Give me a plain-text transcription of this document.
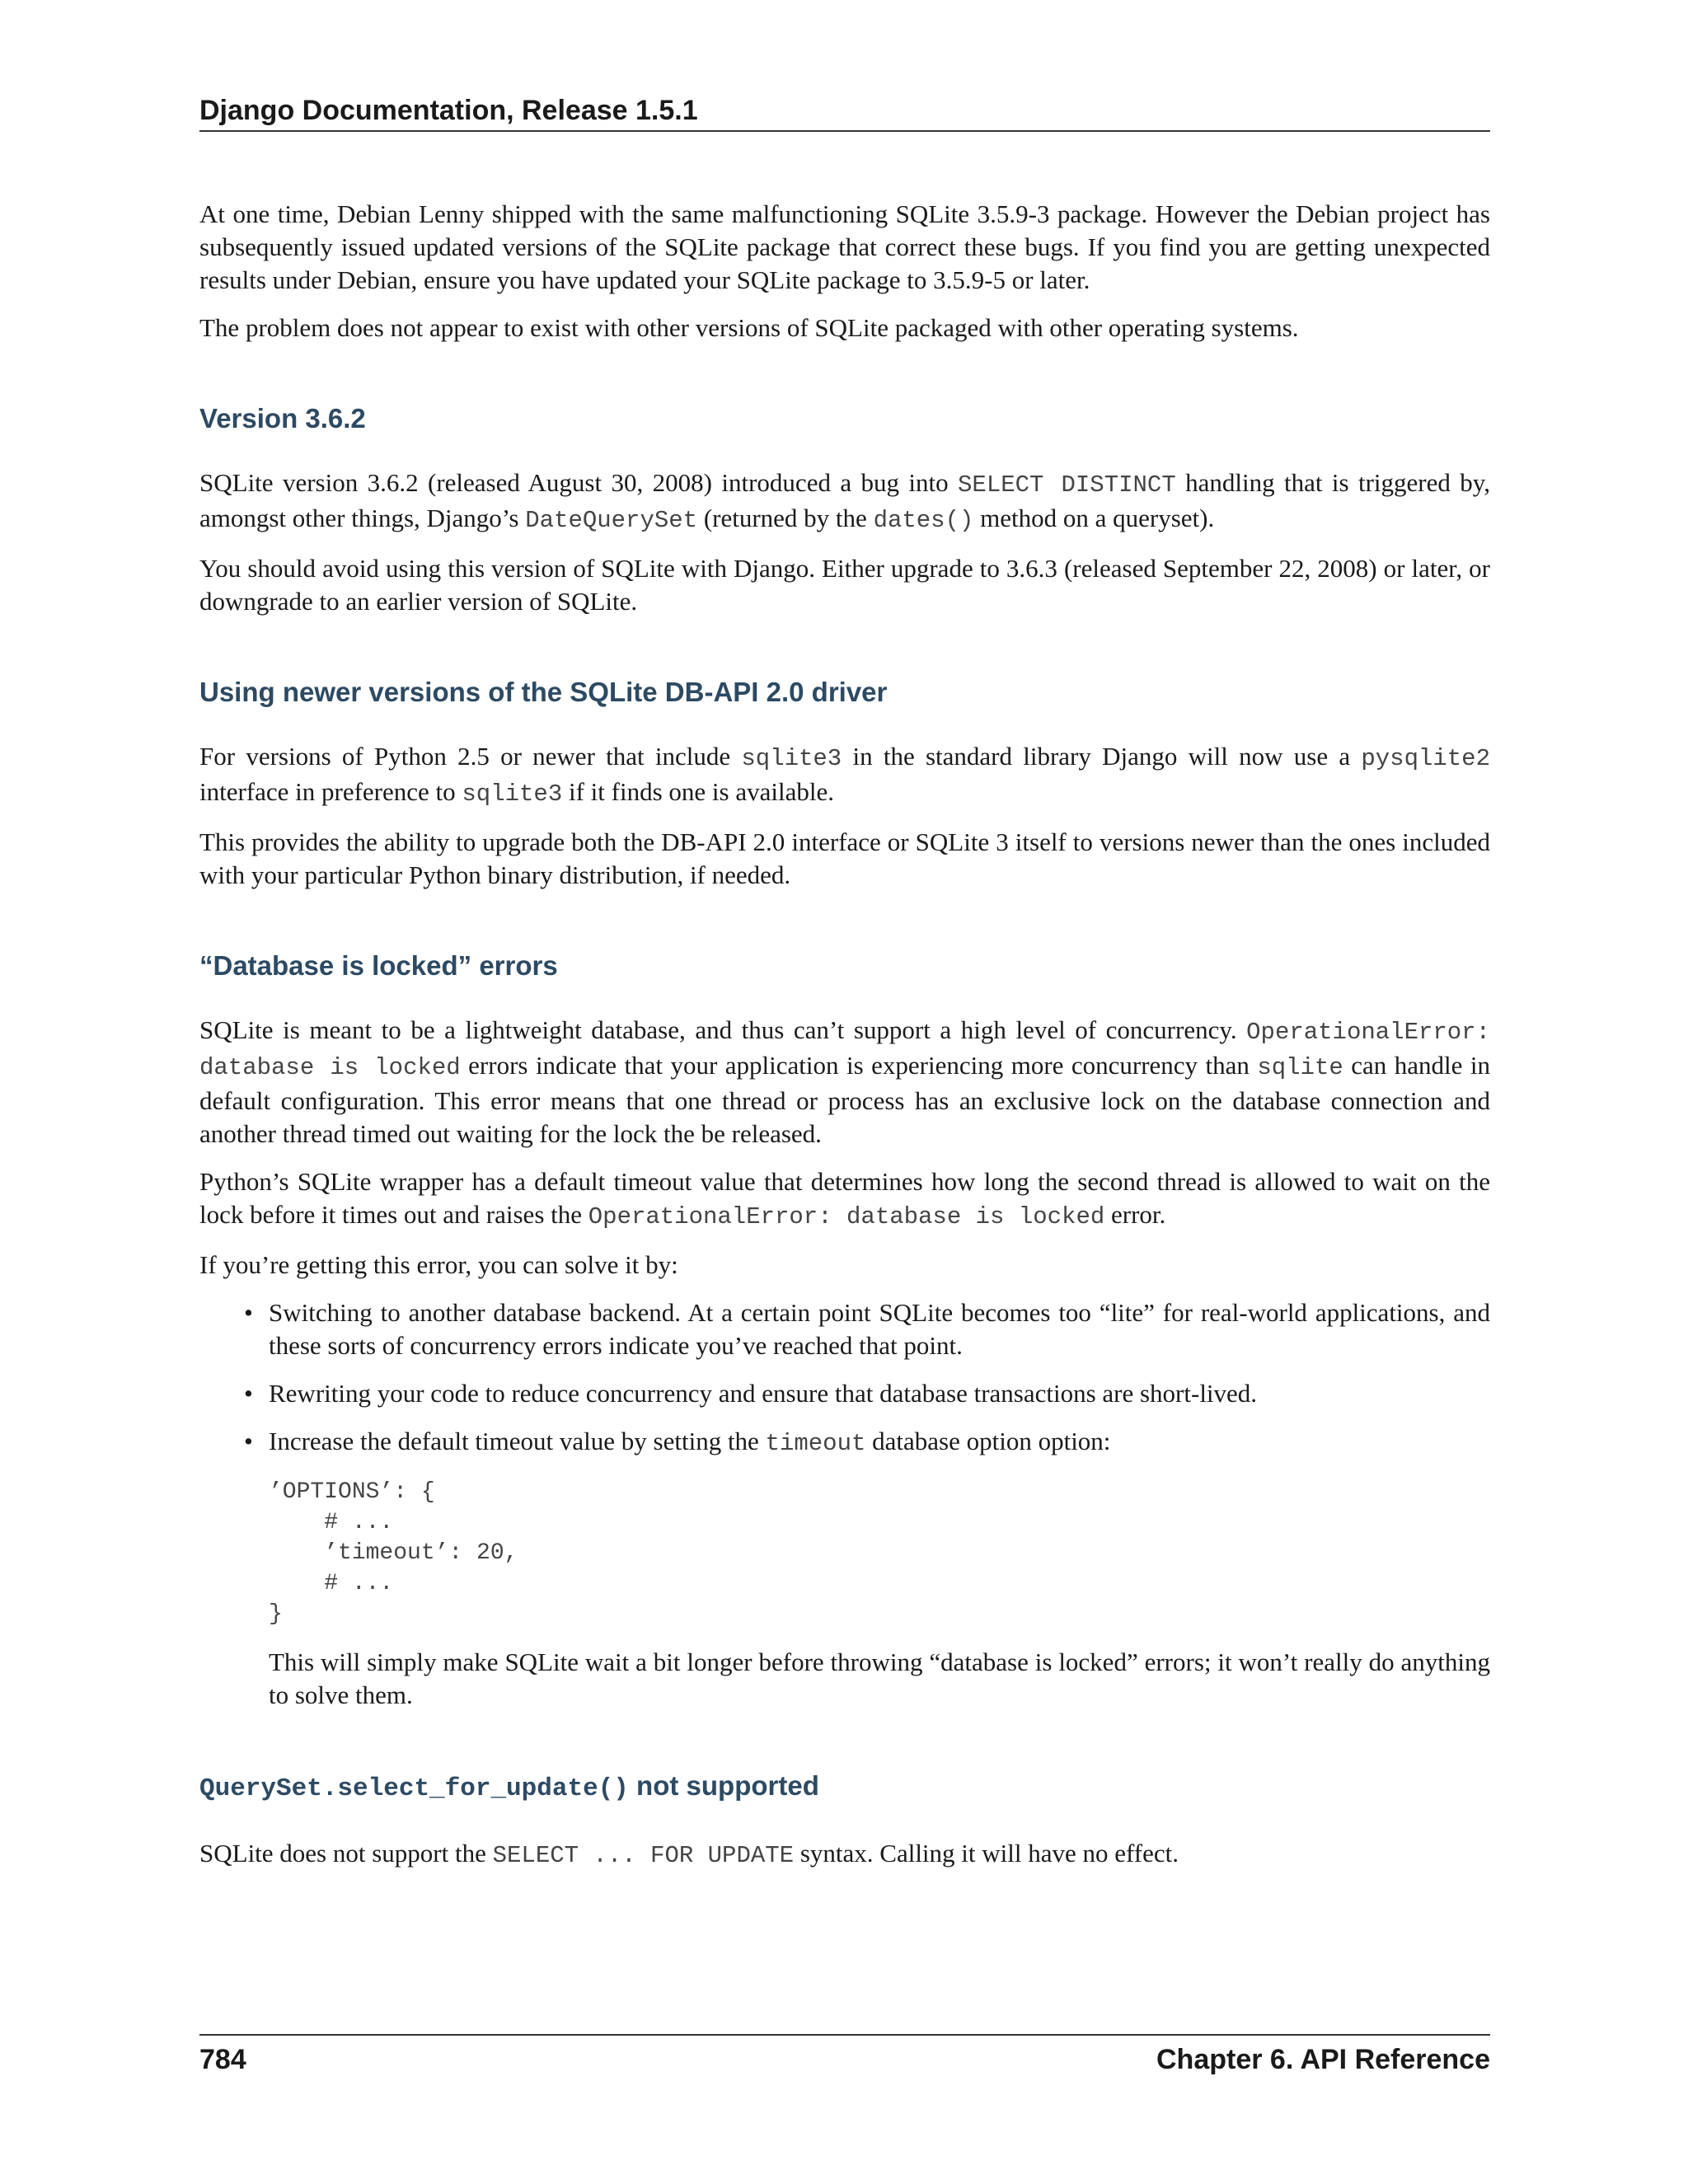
Django Documentation, Release 1.5.1

At one time, Debian Lenny shipped with the same malfunctioning SQLite 3.5.9-3 package. However the Debian project has subsequently issued updated versions of the SQLite package that correct these bugs. If you find you are getting unexpected results under Debian, ensure you have updated your SQLite package to 3.5.9-5 or later.

The problem does not appear to exist with other versions of SQLite packaged with other operating systems.

Version 3.6.2

SQLite version 3.6.2 (released August 30, 2008) introduced a bug into SELECT DISTINCT handling that is triggered by, amongst other things, Django’s DateQuerySet (returned by the dates() method on a queryset).

You should avoid using this version of SQLite with Django. Either upgrade to 3.6.3 (released September 22, 2008) or later, or downgrade to an earlier version of SQLite.

Using newer versions of the SQLite DB-API 2.0 driver

For versions of Python 2.5 or newer that include sqlite3 in the standard library Django will now use a pysqlite2 interface in preference to sqlite3 if it finds one is available.

This provides the ability to upgrade both the DB-API 2.0 interface or SQLite 3 itself to versions newer than the ones included with your particular Python binary distribution, if needed.

“Database is locked” errors

SQLite is meant to be a lightweight database, and thus can’t support a high level of concurrency. OperationalError: database is locked errors indicate that your application is experiencing more concurrency than sqlite can handle in default configuration. This error means that one thread or process has an exclusive lock on the database connection and another thread timed out waiting for the lock the be released.

Python’s SQLite wrapper has a default timeout value that determines how long the second thread is allowed to wait on the lock before it times out and raises the OperationalError: database is locked error.

If you’re getting this error, you can solve it by:

• Switching to another database backend. At a certain point SQLite becomes too “lite” for real-world applications, and these sorts of concurrency errors indicate you’ve reached that point.

• Rewriting your code to reduce concurrency and ensure that database transactions are short-lived.

• Increase the default timeout value by setting the timeout database option option:

’OPTIONS’: {
# ...
’timeout’: 20,
# ...
}

This will simply make SQLite wait a bit longer before throwing “database is locked” errors; it won’t really do anything to solve them.

QuerySet.select_for_update() not supported

SQLite does not support the SELECT ... FOR UPDATE syntax. Calling it will have no effect.

784	Chapter 6. API Reference
